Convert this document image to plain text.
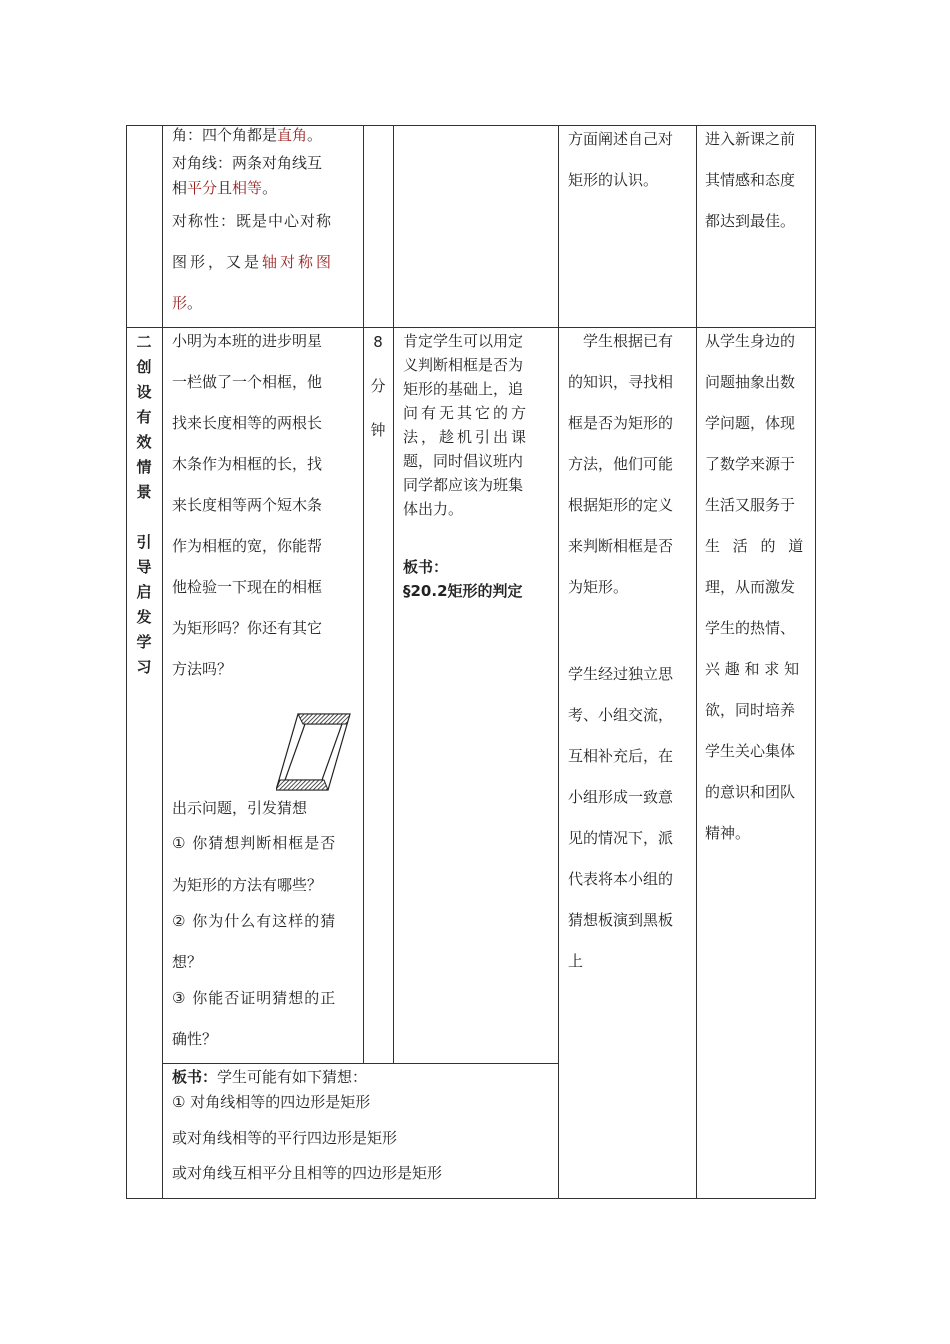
角：四个角都是直角。
对角线：两条对角线互
相平分且相等。
对称性：既是中心对称
图形，又是轴对称图
形。
方面阐述自己对
矩形的认识。
进入新课之前
其情感和态度
都达到最佳。
二
创
设
有
效
情
景
引
导
启
发
学
习
小明为本班的进步明星
一栏做了一个相框，他
找来长度相等的两根长
木条作为相框的长，找
来长度相等两个短木条
作为相框的宽，你能帮
他检验一下现在的相框
为矩形吗？你还有其它
方法吗？
出示问题，引发猜想
① 你猜想判断相框是否
为矩形的方法有哪些？
② 你为什么有这样的猜
想？
③ 你能否证明猜想的正
确性？
8
分
钟
肯定学生可以用定
义判断相框是否为
矩形的基础上，追
问有无其它的方
法，趁机引出课
题，同时倡议班内
同学都应该为班集
体出力。
板书：
§20.2矩形的判定
学生根据已有
的知识，寻找相
框是否为矩形的
方法，他们可能
根据矩形的定义
来判断相框是否
为矩形。
学生经过独立思
考、小组交流，
互相补充后，在
小组形成一致意
见的情况下，派
代表将本小组的
猜想板演到黑板
上
从学生身边的
问题抽象出数
学问题，体现
了数学来源于
生活又服务于
生 活 的 道
理，从而激发
学生的热情、
兴 趣 和 求 知
欲，同时培养
学生关心集体
的意识和团队
精神。
板书：学生可能有如下猜想：
① 对角线相等的四边形是矩形
或对角线相等的平行四边形是矩形
或对角线互相平分且相等的四边形是矩形
